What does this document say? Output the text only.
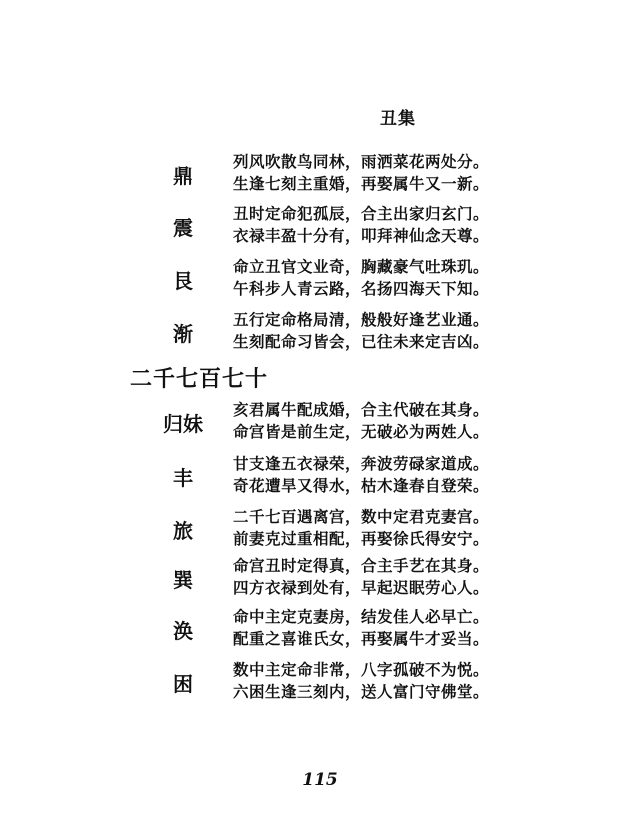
丑集
鼎
列风吹散鸟同林，雨洒菜花两处分。
生逢七刻主重婚，再娶属牛又一新。
震
丑时定命犯孤辰，合主出家归玄门。
衣禄丰盈十分有，叩拜神仙念天尊。
艮
命立丑官文业奇，胸藏豪气吐珠玑。
午科步人青云路，名扬四海天下知。
渐
五行定命格局清，般般好逢艺业通。
生刻配命习皆会，已往未来定吉凶。
二千七百七十
归妹
亥君属牛配成婚，合主代破在其身。
命宫皆是前生定，无破必为两姓人。
丰
甘支逢五衣禄荣，奔波劳碌家道成。
奇花遭旱又得水，枯木逢春自登荣。
旅
二千七百遇离宫，数中定君克妻宫。
前妻克过重相配，再娶徐氏得安宁。
巽
命宫丑时定得真，合主手艺在其身。
四方衣禄到处有，早起迟眠劳心人。
涣
命中主定克妻房，结发佳人必早亡。
配重之喜谁氏女，再娶属牛才妥当。
困
数中主定命非常，八字孤破不为悦。
六困生逢三刻内，送人富门守佛堂。
115
